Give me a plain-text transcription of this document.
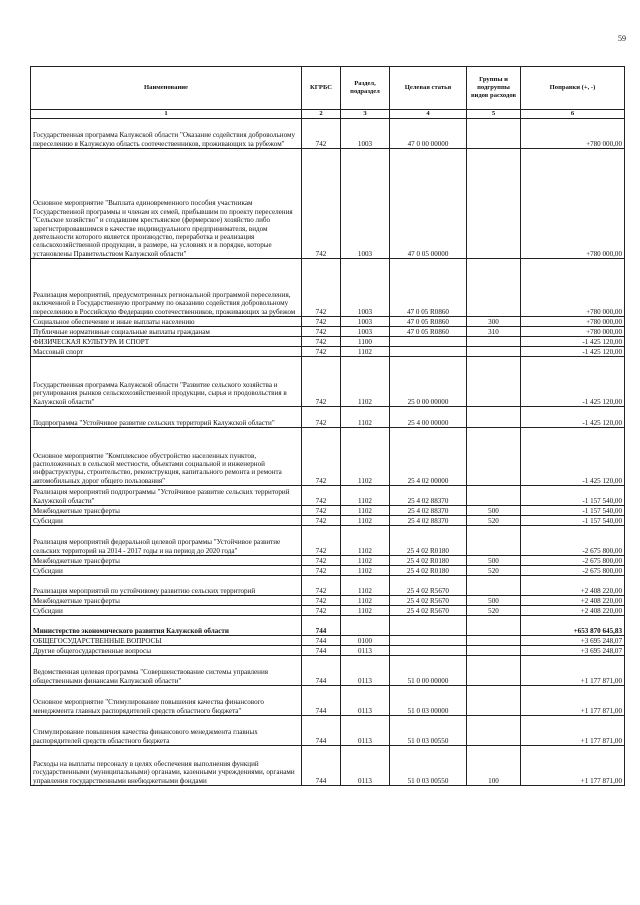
59
Наименование	КГРБС	Раздел, подраздел	Целевая статья	Группы и подгруппы видов расходов	Поправки (+, -)
1	2	3	4	5	6
Государственная программа Калужской области "Оказание содействия добровольному переселению в Калужскую область соотечественников, проживающих за рубежом"	742	1003	47 0 00 00000		+780 000,00
Основное мероприятие "Выплата единовременного пособия участникам Государственной программы и членам их семей, прибывшим по проекту переселения "Сельское хозяйство" и создавшим крестьянское (фермерское) хозяйство либо зарегистрировавшимся в качестве индивидуального предпринимателя, видом деятельности которого является производство, переработка и реализация сельскохозяйственной продукции, в размере, на условиях и в порядке, которые установлены Правительством Калужской области"	742	1003	47 0 05 00000		+780 000,00
Реализация мероприятий, предусмотренных региональной программой переселения, включенной в Государственную программу по оказанию содействия добровольному переселению в Российскую Федерацию соотечественников, проживающих за рубежом	742	1003	47 0 05 R0860		+780 000,00
Социальное обеспечение и иные выплаты населению	742	1003	47 0 05 R0860	300	+780 000,00
Публичные нормативные социальные выплаты гражданам	742	1003	47 0 05 R0860	310	+780 000,00
ФИЗИЧЕСКАЯ КУЛЬТУРА И СПОРТ	742	1100			-1 425 120,00
Массовый спорт	742	1102			-1 425 120,00
Государственная программа Калужской области "Развитие сельского хозяйства и регулирования рынков сельскохозяйственной продукции, сырья и продовольствия в Калужской области"	742	1102	25 0 00 00000		-1 425 120,00
Подпрограмма "Устойчивое развитие сельских территорий Калужской области"	742	1102	25 4 00 00000		-1 425 120,00
Основное мероприятие "Комплексное обустройство населенных пунктов, расположенных в сельской местности, объектами социальной и инженерной инфраструктуры, строительство, реконструкция, капитального ремонта и ремонта автомобильных дорог общего пользования"	742	1102	25 4 02 00000		-1 425 120,00
Реализация мероприятий подпрограммы "Устойчивое развитие сельских территорий Калужской области"	742	1102	25 4 02 88370		-1 157 540,00
Межбюджетные трансферты	742	1102	25 4 02 88370	500	-1 157 540,00
Субсидии	742	1102	25 4 02 88370	520	-1 157 540,00
Реализация мероприятий федеральной целевой программы "Устойчивое развитие сельских территорий на 2014 - 2017 годы и на период до 2020 года"	742	1102	25 4 02 R0180		-2 675 800,00
Межбюджетные трансферты	742	1102	25 4 02 R0180	500	-2 675 800,00
Субсидии	742	1102	25 4 02 R0180	520	-2 675 800,00
Реализация мероприятий по устойчивому развитию сельских территорий	742	1102	25 4 02 R5670		+2 408 220,00
Межбюджетные трансферты	742	1102	25 4 02 R5670	500	+2 408 220,00
Субсидии	742	1102	25 4 02 R5670	520	+2 408 220,00
Министерство экономического развития Калужской области	744				+653 870 645,83
ОБЩЕГОСУДАРСТВЕННЫЕ ВОПРОСЫ	744	0100			+3 695 248,07
Другие общегосударственные вопросы	744	0113			+3 695 248,07
Ведомственная целевая программа "Совершенствование системы управления общественными финансами Калужской области"	744	0113	51 0 00 00000		+1 177 871,00
Основное мероприятие "Стимулирование повышения качества финансового менеджмента главных распорядителей средств областного бюджета"	744	0113	51 0 03 00000		+1 177 871,00
Стимулирование повышения качества финансового менеджмента главных распорядителей средств областного бюджета	744	0113	51 0 03 00550		+1 177 871,00
Расходы на выплаты персоналу в целях обеспечения выполнения функций государственными (муниципальными) органами, казенными учреждениями, органами управления государственными внебюджетными фондами	744	0113	51 0 03 00550	100	+1 177 871,00
